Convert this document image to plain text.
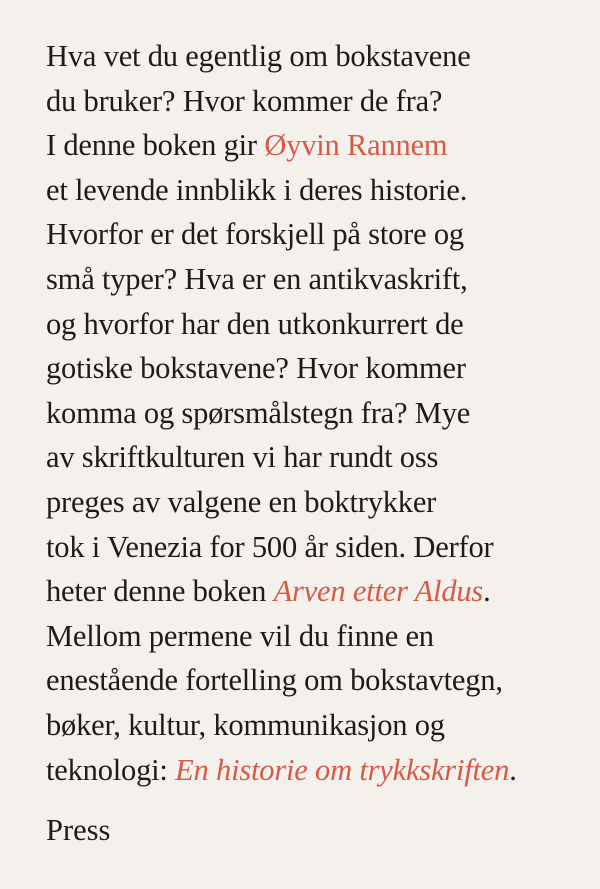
Hva vet du egentlig om bokstavene
du bruker? Hvor kommer de fra?
I denne boken gir Øyvin Rannem
et levende innblikk i deres historie.
Hvorfor er det forskjell på store og
små typer? Hva er en antikvaskrift,
og hvorfor har den utkonkurrert de
gotiske bokstavene? Hvor kommer
komma og spørsmålstegn fra? Mye
av skriftkulturen vi har rundt oss
preges av valgene en boktrykker
tok i Venezia for 500 år siden. Derfor
heter denne boken Arven etter Aldus.
Mellom permene vil du finne en
enestående fortelling om bokstavtegn,
bøker, kultur, kommunikasjon og
teknologi: En historie om trykkskriften.
Press
